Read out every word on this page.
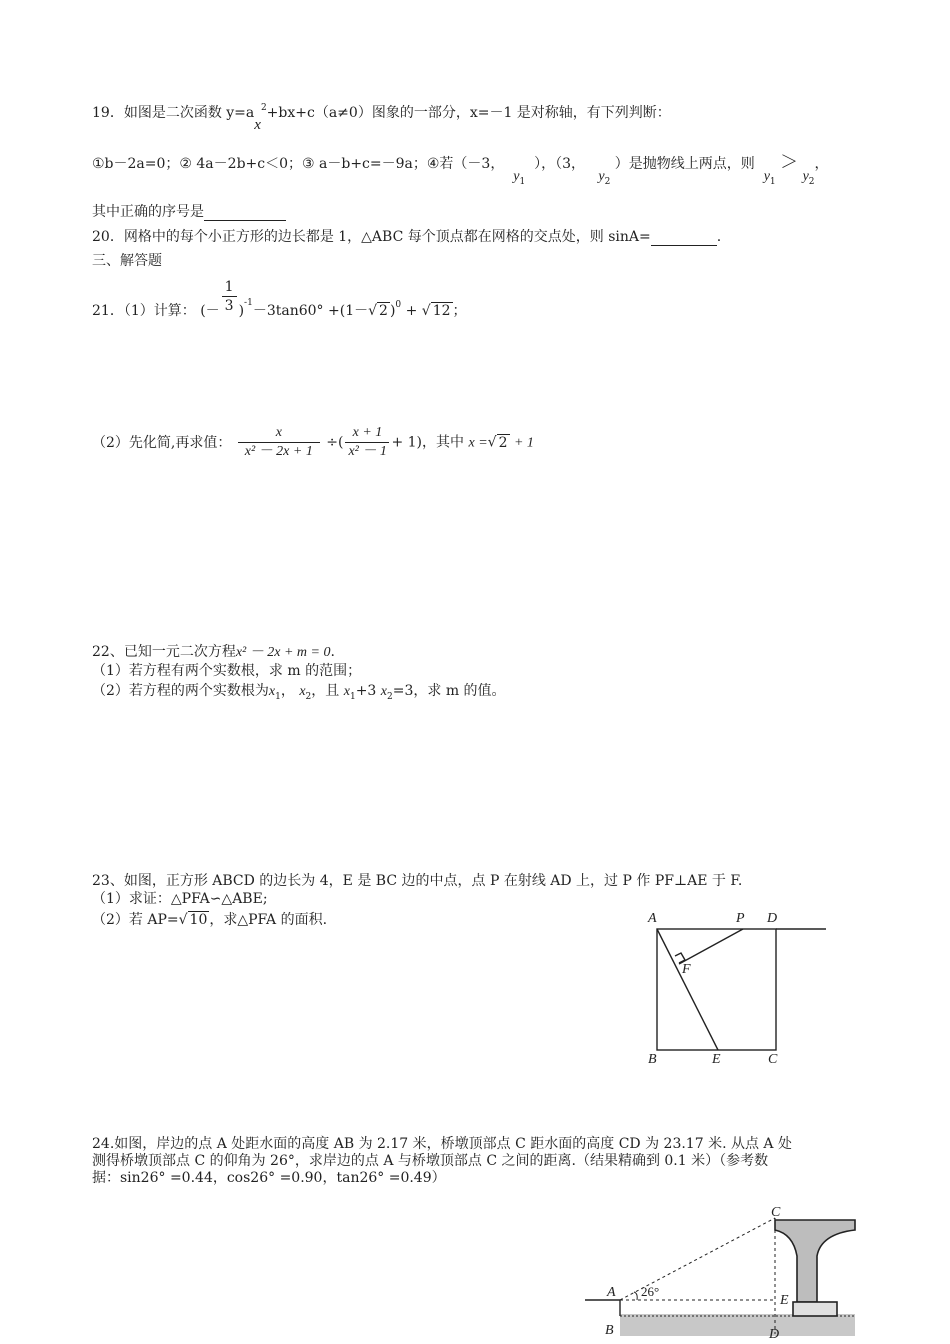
19．如图是二次函数 $y=ax^2+bx+c(a\ne 0)$图象的一部分，x=－1 是对称轴，有下列判断：
①b－2a=0；② 4a－2b+c＜0；③ a－b+c=－9a；④若（－3，  $y_1$  ），（3，   $y_2$ ）是抛物线上两点，则  $y_1 > y_2$，
其中正确的序号是
20．网格中的每个小正方形的边长都是 1，△ABC 每个顶点都在网格的交点处，则 sinA=	.
三、解答题
21．（1）计算： (－ $\frac{1}{3} )-1-3\tan 60^\circ +(1-√$ 2 )0 + √ 12 ；
（2）先化简,再求值： $\frac{x}{\text{x² － 2x + 1}}$ ÷( $\frac{x + 1}{\text{x² － 1}} + 1$)，其中 x =√ 2 + 1
22、已知一元二次方程x² － 2x + m = 0.
（1）若方程有两个实数根，求 m 的范围；
（2）若方程的两个实数根为$x_1$， $x_2$，且 $x_1+3$ $x_2=3$，求 m 的值。
23、如图，正方形 ABCD 的边长为 4，E 是 BC 边的中点，点 P 在射线 AD 上，过 P 作 PF⊥AE 于 F.
（1）求证：△PFA∽△ABE;
（2）若 AP=√ 10 ，求△PFA 的面积.	A	P D
F
B	E	C
24.如图，岸边的点 A 处距水面的高度 AB 为 2.17 米，桥墩顶部点 C 距水面的高度 CD 为 23.17 米. 从点 A 处
测得桥墩顶部点 C 的仰角为 26°，求岸边的点 A 与桥墩顶部点 C 之间的距离.（结果精确到 0.1 米）（参考数
据：sin26° =0.44，cos26° =0.90，tan26° =0.49）
C
A 26°
E
B	D
